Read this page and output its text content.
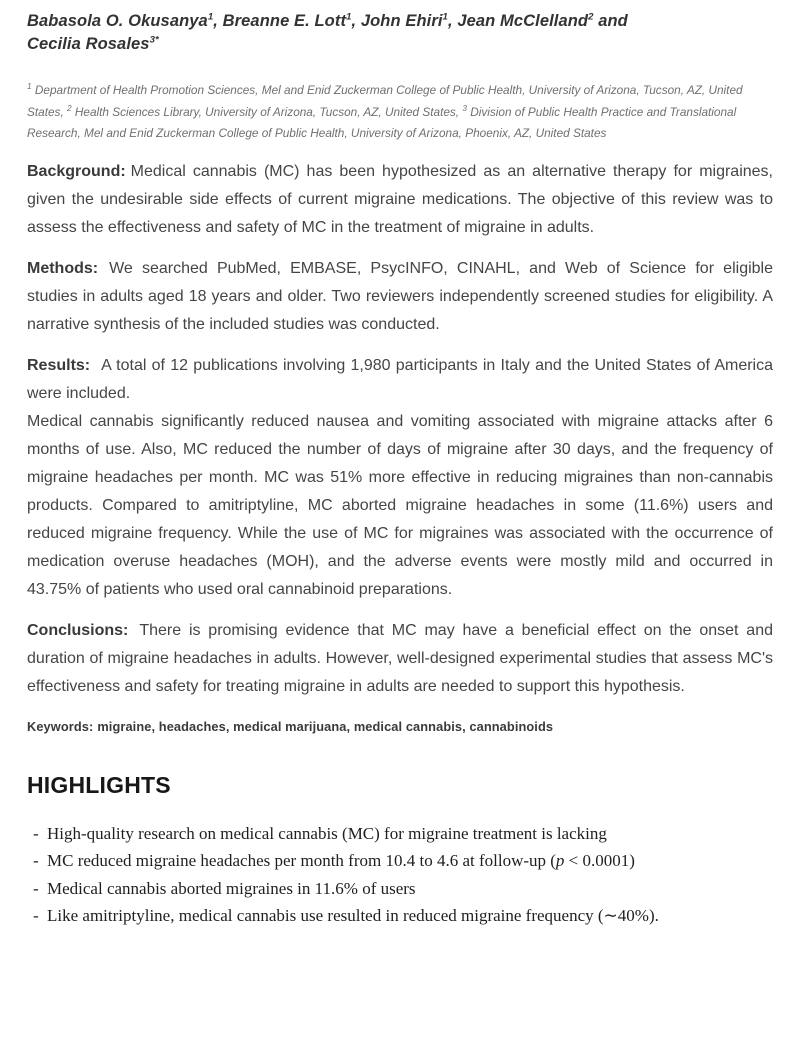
Babasola O. Okusanya$^1$, Breanne E. Lott$^1$, John Ehiri$^1$, Jean McClelland$^2$ and
Cecilia Rosales$^{3*}$
$^1$ Department of Health Promotion Sciences, Mel and Enid Zuckerman College of Public Health, University of Arizona, Tucson, AZ, United States, $^2$ Health Sciences Library, University of Arizona, Tucson, AZ, United States, $^3$ Division of Public Health Practice and Translational Research, Mel and Enid Zuckerman College of Public Health, University of Arizona, Phoenix, AZ, United States

Background: Medical cannabis (MC) has been hypothesized as an alternative therapy for migraines, given the undesirable side effects of current migraine medications. The objective of this review was to assess the effectiveness and safety of MC in the treatment of migraine in adults.

Methods: We searched PubMed, EMBASE, PsycINFO, CINAHL, and Web of Science for eligible studies in adults aged 18 years and older. Two reviewers independently screened studies for eligibility. A narrative synthesis of the included studies was conducted.

Results: A total of 12 publications involving 1,980 participants in Italy and the United States of America were included.

Medical cannabis significantly reduced nausea and vomiting associated with migraine attacks after 6 months of use. Also, MC reduced the number of days of migraine after 30 days, and the frequency of migraine headaches per month. MC was 51% more effective in reducing migraines than non-cannabis products. Compared to amitriptyline, MC aborted migraine headaches in some (11.6%) users and reduced migraine frequency. While the use of MC for migraines was associated with the occurrence of medication overuse headaches (MOH), and the adverse events were mostly mild and occurred in 43.75% of patients who used oral cannabinoid preparations.

Conclusions: There is promising evidence that MC may have a beneficial effect on the onset and duration of migraine headaches in adults. However, well-designed experimental studies that assess MC's effectiveness and safety for treating migraine in adults are needed to support this hypothesis.

Keywords: migraine, headaches, medical marijuana, medical cannabis, cannabinoids

HIGHLIGHTS
- High-quality research on medical cannabis (MC) for migraine treatment is lacking
- MC reduced migraine headaches per month from 10.4 to 4.6 at follow-up (p < 0.0001)
- Medical cannabis aborted migraines in 11.6% of users
- Like amitriptyline, medical cannabis use resulted in reduced migraine frequency (∼40%).
